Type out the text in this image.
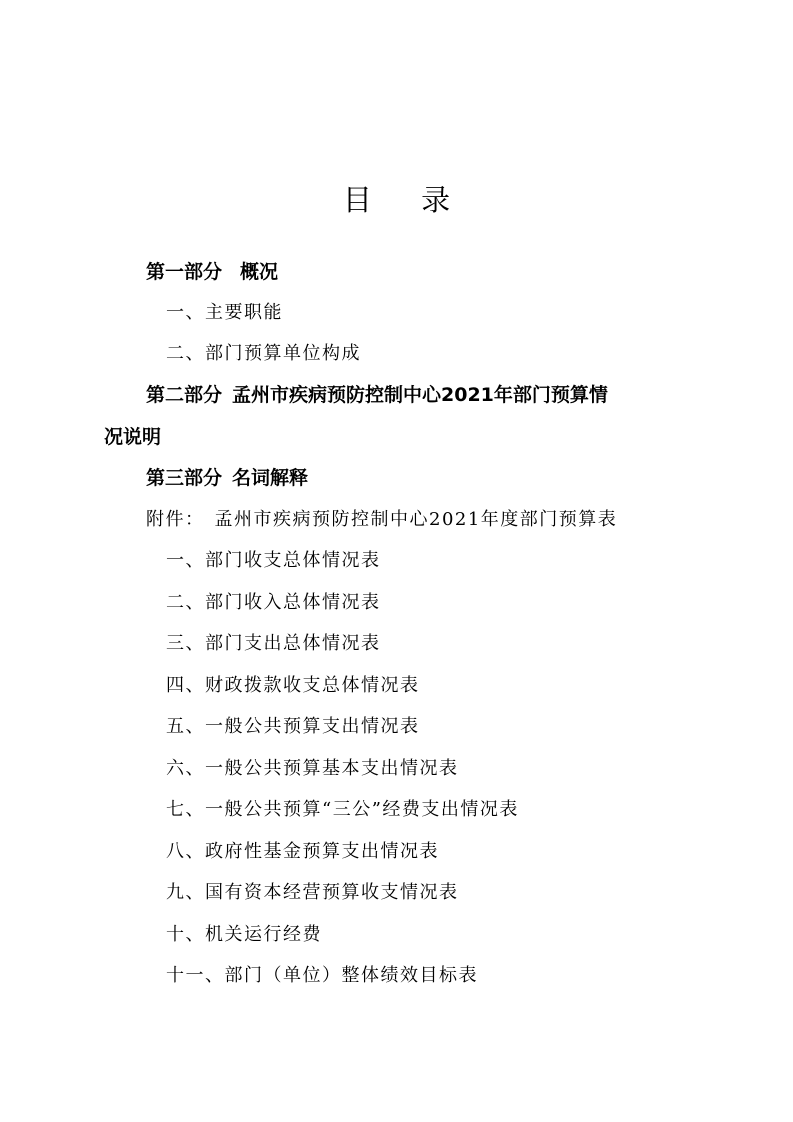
目 录
第一部分 概况
一、主要职能
二、部门预算单位构成
第二部分 孟州市疾病预防控制中心2021年部门预算情
况说明
第三部分 名词解释
附件： 孟州市疾病预防控制中心2021年度部门预算表
一、部门收支总体情况表
二、部门收入总体情况表
三、部门支出总体情况表
四、财政拨款收支总体情况表
五、一般公共预算支出情况表
六、一般公共预算基本支出情况表
七、一般公共预算“三公”经费支出情况表
八、政府性基金预算支出情况表
九、国有资本经营预算收支情况表
十、机关运行经费
十一、部门（单位）整体绩效目标表
